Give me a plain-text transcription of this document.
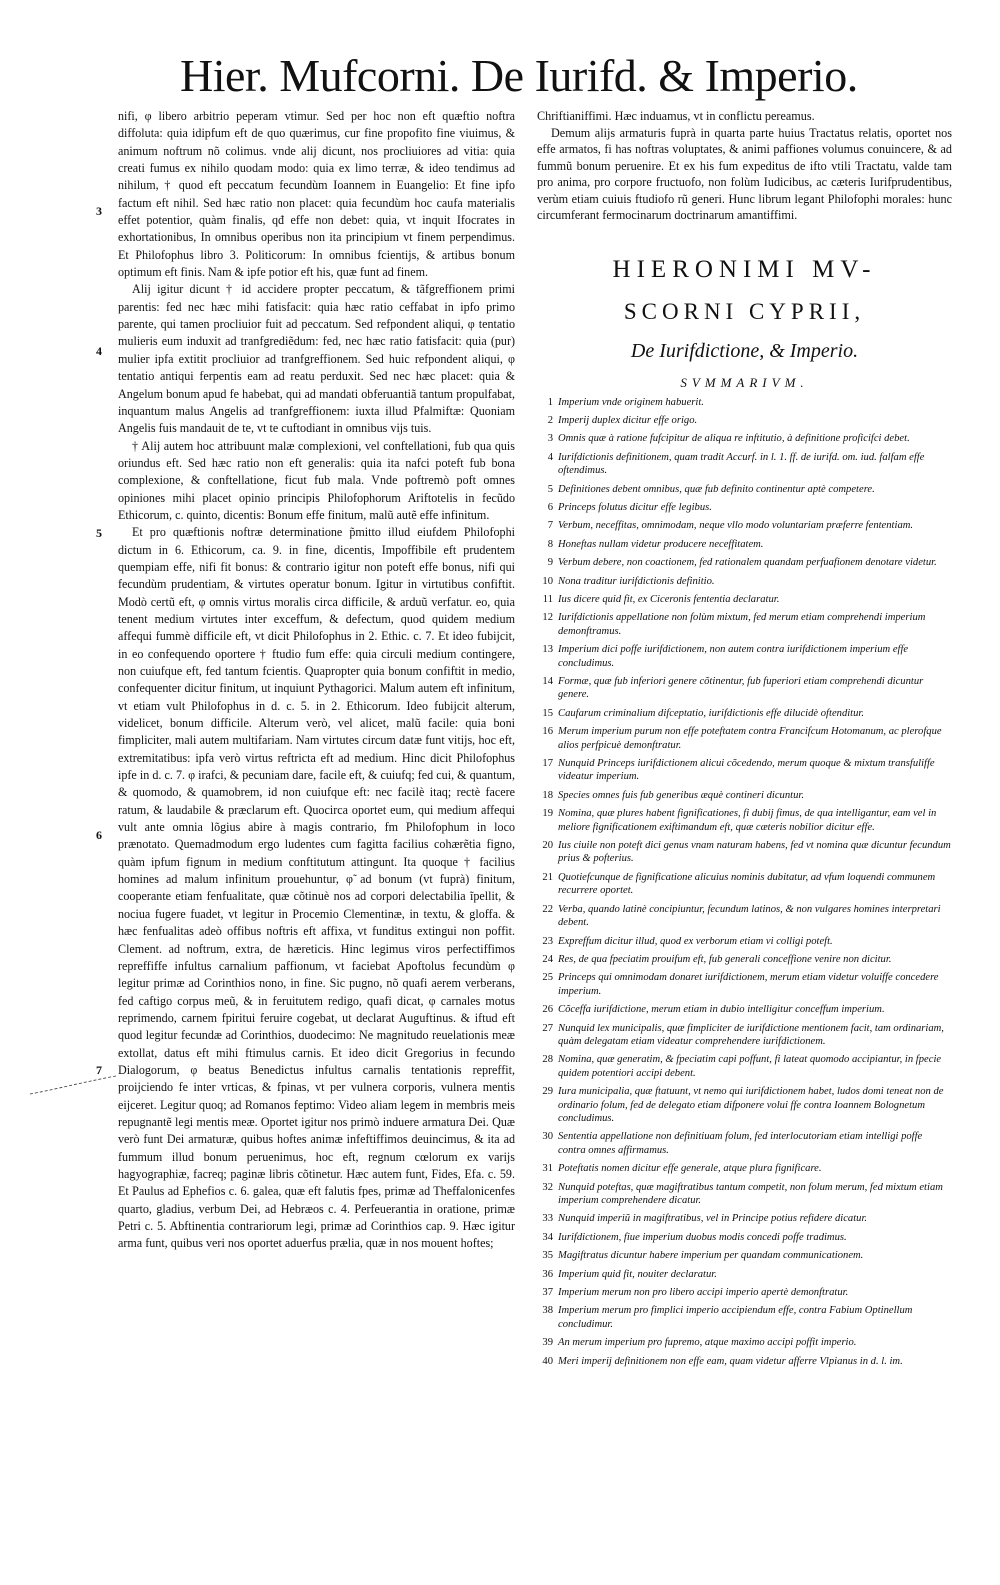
Hier. Mufcorni. De Iurifd. & Imperio.
3
4
5
6
7

nifi, φ libero arbitrio peperam vtimur. Sed per hoc non eft quæftio noftra diffoluta: quia idipfum eft de quo quærimus, cur fine propofito fine viuimus, & animum noftrum nõ colimus. vnde alij dicunt, nos procliuiores ad vitia: quia creati fumus ex nihilo quodam modo: quia ex limo terræ, & ideo tendimus ad nihilum, † quod eft peccatum fecundùm Ioannem in Euangelio: Et fine ipfo factum eft nihil. Sed hæc ratio non placet: quia fecundùm hoc caufa materialis effet potentior, quàm finalis, qđ effe non debet: quia, vt inquit Ifocrates in exhortationibus, In omnibus operibus non ita principium vt finem perpendimus. Et Philofophus libro 3. Politicorum: In omnibus fcientijs, & artibus bonum optimum eft finis. Nam & ipfe potior eft his, quæ funt ad finem.

Alij igitur dicunt † id accidere propter peccatum, & tãfgreffionem primi parentis: fed nec hæc mihi fatisfacit: quia hæc ratio ceffabat in ipfo primo parente, qui tamen procliuior fuit ad peccatum. Sed refpondent aliqui, φ tentatio mulieris eum induxit ad tranfgrediẽdum: fed, nec hæc ratio fatisfacit: quia (pur) mulier ipfa extitit procliuior ad tranfgreffionem. Sed huic refpondent aliqui, φ tentatio antiqui ferpentis eam ad reatu perduxit. Sed nec hæc placet: quia & Angelum bonum apud fe habebat, qui ad mandati obferuantiã tantum propulfabat, inquantum malus Angelis ad tranfgreffionem: iuxta illud Pfalmiftæ: Quoniam Angelis fuis mandauit de te, vt te cuftodiant in omnibus vijs tuis.

† Alij autem hoc attribuunt malæ complexioni, vel conftellationi, fub qua quis oriundus eft. Sed hæc ratio non eft generalis: quia ita nafci poteft fub bona complexione, & conftellatione, ficut fub mala. Vnde poftremò poft omnes opiniones mihi placet opinio principis Philofophorum Ariftotelis in fecũdo Ethicorum, c. quinto, dicentis: Bonum effe finitum, malũ autẽ effe infinitum.

Et pro quæftionis noftræ determinatione p̃mitto illud eiufdem Philofophi dictum in 6. Ethicorum, ca. 9. in fine, dicentis, Impoffibile eft prudentem quempiam effe, nifi fit bonus: & contrario igitur non poteft effe bonus, nifi qui fecundùm prudentiam, & virtutes operatur bonum. Igitur in virtutibus confiftit. Modò certũ eft, φ omnis virtus moralis circa difficile, & arduũ verfatur. eo, quia tenent medium virtutes inter exceffum, & defectum, quod quidem medium affequi fummè difficile eft, vt dicit Philofophus in 2. Ethic. c. 7. Et ideo fubijcit, in eo confequendo oportere † ftudio fum effe: quia circuli medium contingere, non cuiufque eft, fed tantum fcientis. Quapropter quia bonum confiftit in medio, confequenter dicitur finitum, ut inquiunt Pythagorici. Malum autem eft infinitum, vt etiam vult Philofophus in d. c. 5. in 2. Ethicorum. Ideo fubijcit alterum, videlicet, bonum difficile. Alterum verò, vel alicet, malũ facile: quia boni fimpliciter, mali autem multifariam. Nam virtutes circum datæ funt vitijs, hoc eft, extremitatibus: ipfa verò virtus reftricta eft ad medium. Hinc dicit Philofophus ipfe in d. c. 7. φ irafci, & pecuniam dare, facile eft, & cuiufq; fed cui, & quantum, & quomodo, & quamobrem, id non cuiufque eft: nec facilè itaq; rectè facere ratum, & laudabile & præclarum eft. Quocirca oportet eum, qui medium affequi vult ante omnia lõgius abire à magis contrario, fm Philofophum in loco prænotato. Quemadmodum ergo ludentes cum fagitta facilius cohærẽtia figno, quàm ipfum fignum in medium conftitutum attingunt. Ita quoque † facilius homines ad malum infinitum prouehuntur, φ̃ ad bonum (vt fuprà) finitum, cooperante etiam fenfualitate, quæ cõtinuè nos ad corpori delectabilia ĩpellit, & nociua fugere fuadet, vt legitur in Procemio Clementinæ, in textu, & gloffa. & hæc fenfualitas adeò offibus noftris eft affixa, vt funditus extingui non poffit. Clement. ad noftrum, extra, de hæreticis. Hinc legimus viros perfectiffimos repreffiffe infultus carnalium paffionum, vt faciebat Apoftolus fecundùm φ legitur primæ ad Corinthios nono, in fine. Sic pugno, nõ quafi aerem verberans, fed caftigo corpus meũ, & in feruitutem redigo, quafi dicat, φ carnales motus reprimendo, carnem fpiritui feruire cogebat, ut declarat Auguftinus. & iftud eft quod legitur fecundæ ad Corinthios, duodecimo: Ne magnitudo reuelationis meæ extollat, datus eft mihi ftimulus carnis. Et ideo dicit Gregorius in fecundo Dialogorum, φ beatus Benedictus infultus carnalis tentationis repreffit, proijciendo fe inter vrticas, & fpinas, vt per vulnera corporis, vulnera mentis eijceret. Legitur quoq; ad Romanos feptimo: Video aliam legem in membris meis repugnantẽ legi mentis meæ. Oportet igitur nos primò induere armatura Dei. Quæ verò funt Dei armaturæ, quibus hoftes animæ infeftiffimos deuincimus, & ita ad fummum illud bonum peruenimus, hoc eft, regnum cœlorum ex varijs hagyographiæ, facreq; paginæ libris cõtinetur. Hæc autem funt, Fides, Efa. c. 59. Et Paulus ad Ephefios c. 6. galea, quæ eft falutis fpes, primæ ad Theffalonicenfes quarto, gladius, verbum Dei, ad Hebræos c. 4. Perfeuerantia in oratione, primæ Petri c. 5. Abftinentia contrariorum legi, primæ ad Corinthios cap. 9. Hæc igitur arma funt, quibus veri nos oportet aduerfus prælia, quæ in nos mouent hoftes;

Chriftianiffimi. Hæc induamus, vt in conflictu pereamus.

Demum alijs armaturis fuprà in quarta parte huius Tractatus relatis, oportet nos effe armatos, fi has noftras voluptates, & animi paffiones volumus conuincere, & ad fummũ bonum peruenire. Et ex his fum expeditus de ifto vtili Tractatu, valde tam pro anima, pro corpore fructuofo, non folùm Iudicibus, ac cæteris Iurifprudentibus, verùm etiam cuiuis ftudiofo rũ generi. Hunc librum legant Philofophi morales: hunc circumferant fermocinarum doctrinarum amantiffimi.

HIERONIMI MV-
SCORNI CYPRII,
De Iurifdictione, & Imperio.
SVMMARIVM.
1 Imperium vnde originem habuerit.
2 Imperij duplex dicitur effe origo.
3 Omnis quæ à ratione fufcipitur de aliqua re inftitutio, à definitione proficifci debet.
4 Iurifdictionis definitionem, quam tradit Accurf. in l. 1. ff. de iurifd. om. iud. falfam effe oftendimus.
5 Definitiones debent omnibus, quæ fub definito continentur aptè competere.
6 Princeps folutus dicitur effe legibus.
7 Verbum, neceffitas, omnimodam, neque vllo modo voluntariam præferre fententiam.
8 Honeftas nullam videtur producere neceffitatem.
9 Verbum debere, non coactionem, fed rationalem quandam perfuafionem denotare videtur.
10 Nona traditur iurifdictionis definitio.
11 Ius dicere quid fit, ex Ciceronis fententia declaratur.
12 Iurifdictionis appellatione non folùm mixtum, fed merum etiam comprehendi imperium demonftramus.
13 Imperium dici poffe iurifdictionem, non autem contra iurifdictionem imperium effe concludimus.
14 Formæ, quæ fub inferiori genere cõtinentur, fub fuperiori etiam comprehendi dicuntur genere.
15 Caufarum criminalium difceptatio, iurifdictionis effe dilucidè oftenditur.
16 Merum imperium purum non effe poteftatem contra Francifcum Hotomanum, ac plerofque alios perfpicuè demonftratur.
17 Nunquid Princeps iurifdictionem alicui cõcedendo, merum quoque & mixtum transfuliffe videatur imperium.
18 Species omnes fuis fub generibus æquè contineri dicuntur.
19 Nomina, quæ plures habent fignificationes, fi dubij fimus, de qua intelligantur, eam vel in meliore fignificationem exiftimandum eft, quæ cæteris nobilior dicitur effe.
20 Ius ciuile non poteft dici genus vnam naturam habens, fed vt nomina quæ dicuntur fecundum prius & pofterius.
21 Quotiefcunque de fignificatione alicuius nominis dubitatur, ad vfum loquendi communem recurrere oportet.
22 Verba, quando latinè concipiuntur, fecundum latinos, & non vulgares homines interpretari debent.
23 Expreffum dicitur illud, quod ex verborum etiam vi colligi poteft.
24 Res, de qua fpeciatim prouifum eft, fub generali conceffione venire non dicitur.
25 Princeps qui omnimodam donaret iurifdictionem, merum etiam videtur voluiffe concedere imperium.
26 Cõceffa iurifdictione, merum etiam in dubio intelligitur conceffum imperium.
27 Nunquid lex municipalis, quæ fimpliciter de iurifdictione mentionem facit, tam ordinariam, quàm delegatam etiam videatur comprehendere iurifdictionem.
28 Nomina, quæ generatim, & fpeciatim capi poffunt, fi lateat quomodo accipiantur, in fpecie quidem potentiori accipi debent.
29 Iura municipalia, quæ ftatuunt, vt nemo qui iurifdictionem habet, ludos domi teneat non de ordinario folum, fed de delegato etiam difponere volui ffe contra Ioannem Bolognetum concludimus.
30 Sententia appellatione non definitiuam folum, fed interlocutoriam etiam intelligi poffe contra omnes affirmamus.
31 Poteftatis nomen dicitur effe generale, atque plura fignificare.
32 Nunquid poteftas, quæ magiftratibus tantum competit, non folum merum, fed mixtum etiam imperium comprehendere dicatur.
33 Nunquid imperiũ in magiftratibus, vel in Principe potius refidere dicatur.
34 Iurifdictionem, fiue imperium duobus modis concedi poffe tradimus.
35 Magiftratus dicuntur habere imperium per quandam communicationem.
36 Imperium quid fit, nouiter declaratur.
37 Imperium merum non pro libero accipi imperio apertè demonftratur.
38 Imperium merum pro fimplici imperio accipiendum effe, contra Fabium Optinellum concludimur.
39 An merum imperium pro fupremo, atque maximo accipi poffit imperio.
40 Meri imperij definitionem non effe eam, quam videtur afferre Vlpianus in d. l. im.
